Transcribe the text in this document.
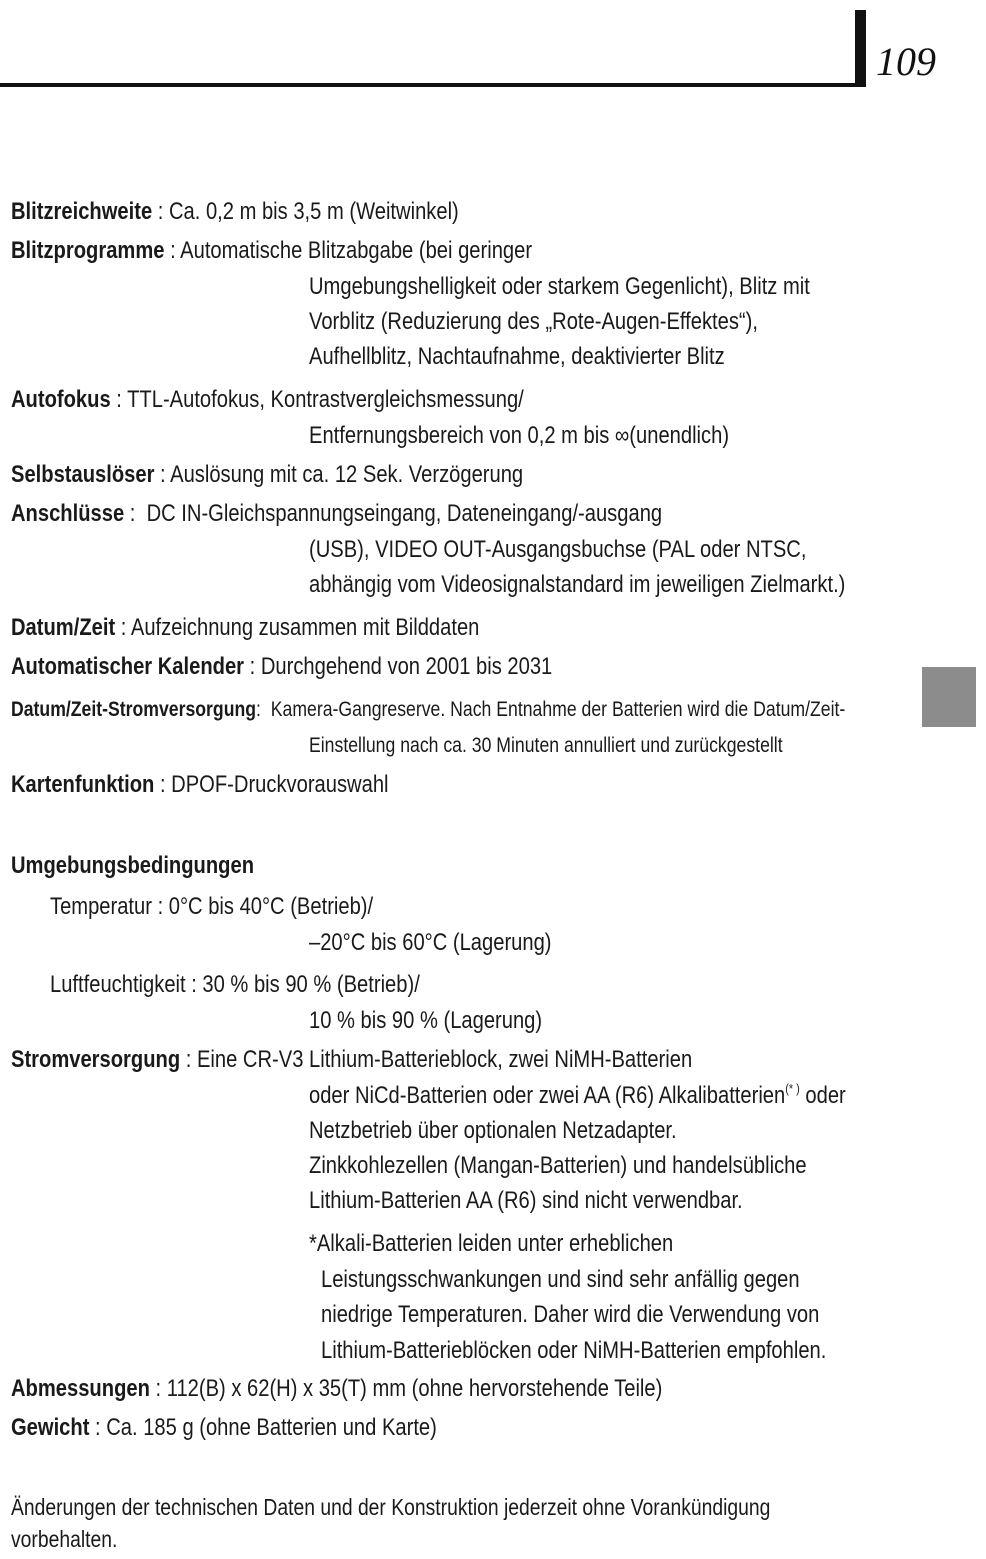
109
Blitzreichweite : Ca. 0,2 m bis 3,5 m (Weitwinkel)
Blitzprogramme : Automatische Blitzabgabe (bei geringer
Umgebungshelligkeit oder starkem Gegenlicht), Blitz mit
Vorblitz (Reduzierung des „Rote-Augen-Effektes“),
Aufhellblitz, Nachtaufnahme, deaktivierter Blitz
Autofokus : TTL-Autofokus, Kontrastvergleichsmessung/
Entfernungsbereich von 0,2 m bis ∞(unendlich)
Selbstauslöser : Auslösung mit ca. 12 Sek. Verzögerung
Anschlüsse :  DC IN-Gleichspannungseingang, Dateneingang/-ausgang
(USB), VIDEO OUT-Ausgangsbuchse (PAL oder NTSC,
abhängig vom Videosignalstandard im jeweiligen Zielmarkt.)
Datum/Zeit : Aufzeichnung zusammen mit Bilddaten
Automatischer Kalender : Durchgehend von 2001 bis 2031
Datum/Zeit-Stromversorgung:  Kamera-Gangreserve. Nach Entnahme der Batterien wird die Datum/Zeit-
Einstellung nach ca. 30 Minuten annulliert und zurückgestellt
Kartenfunktion : DPOF-Druckvorauswahl
Umgebungsbedingungen
Temperatur : 0°C bis 40°C (Betrieb)/
–20°C bis 60°C (Lagerung)
Luftfeuchtigkeit : 30 % bis 90 % (Betrieb)/
10 % bis 90 % (Lagerung)
Stromversorgung : Eine CR-V3 Lithium-Batterieblock, zwei NiMH-Batterien
oder NiCd-Batterien oder zwei AA (R6) Alkalibatterien(* ) oder
Netzbetrieb über optionalen Netzadapter.
Zinkkohlezellen (Mangan-Batterien) und handelsübliche
Lithium-Batterien AA (R6) sind nicht verwendbar.
*Alkali-Batterien leiden unter erheblichen
Leistungsschwankungen und sind sehr anfällig gegen
niedrige Temperaturen. Daher wird die Verwendung von
Lithium-Batterieblöcken oder NiMH-Batterien empfohlen.
Abmessungen : 112(B) x 62(H) x 35(T) mm (ohne hervorstehende Teile)
Gewicht : Ca. 185 g (ohne Batterien und Karte)
Änderungen der technischen Daten und der Konstruktion jederzeit ohne Vorankündigung
vorbehalten.
